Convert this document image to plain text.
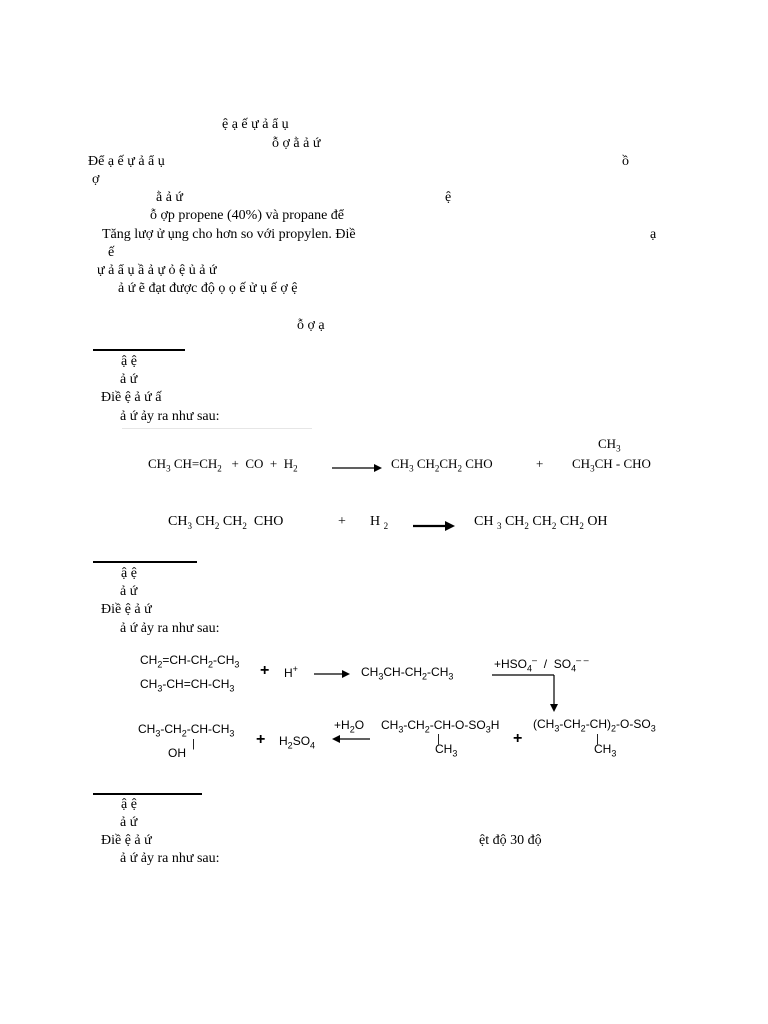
ệ ạ ế ự ả ẩ ụ
ỗ ợ ằ ả ứ
Để ạ ế ự ả ẩ ụ	ồ
ợ
ằ ả ứ	ệ
ỗ ợp propene (40%) và propane để
Tăng lượ ử ụng cho hơn so với propylen. Điề	ạ
ế
ự ả ẩ ụ ầ ả ự ỏ ệ ủ ả ứ
ả ứ ẽ đạt được độ ọ ọ ế ử ụ ế ợ ệ
ỗ ợ ạ
ậ ệ
ả ứ
Điề ệ ả ứ ấ
ả ứ ảy ra như sau:
$CH_3$ $CH=CH_2$   +  CO  +  $H_2 \to CH_3$ $CH_2CH_2$ CHO	+
$CH_3$
$CH_3CH$ - CHO
$CH_3$ $CH_2$ $CH_2$  CHO	+ H $_2$ → CH $_3$ $CH_2$ $CH_2$ $CH_2$ OH
ậ ệ
ả ứ
Điề ệ ả ứ
ả ứ ảy ra như sau:
$CH_2=CH-CH_2-CH_3$
$CH_3-CH=CH-CH_3$
+ $H^+ \to CH_3CH-CH_2-CH_3$
$+HSO_4^- / SO_4^{- -}$
$CH_3-CH_2-CH-CH_3$
|
OH
+ $H_2SO_4$
$+H_2O$ $CH_3-CH_2-CH-O-SO_3H$
|
$CH_3$
+
$(CH_3-CH_2-CH)_2-O-SO_3$
|
$CH_3$
ậ ệ
ả ứ
Điề ệ ả ứ	ệt độ 30 độ
ả ứ ảy ra như sau:
